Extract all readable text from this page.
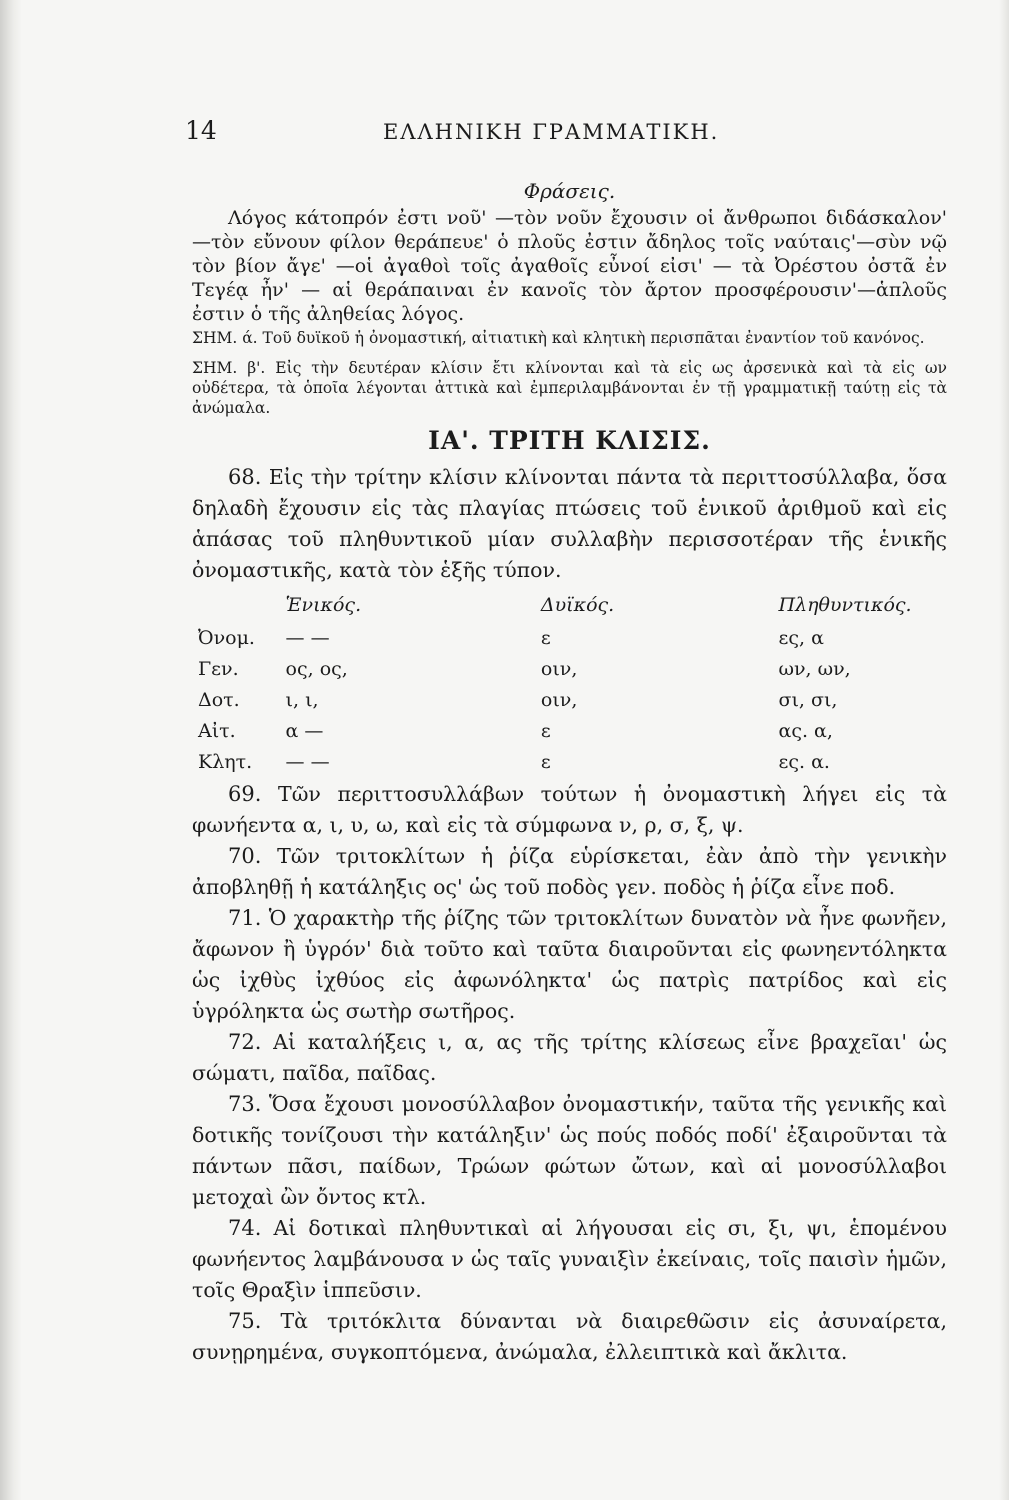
14	ΕΛΛΗΝΙΚΗ ΓΡΑΜΜΑΤΙΚΗ.

Φράσεις.

Λόγος κάτοπρόν ἐστι νοῦ' —τὸν νοῦν ἔχουσιν οἱ ἄνθρωποι διδάσκαλον' —τὸν εὔνουν φίλον θεράπευε' ὁ πλοῦς ἐστιν ἄδηλος τοῖς ναύταις'—σὺν νῷ τὸν βίον ἄγε' —οἱ ἀγαθοὶ τοῖς ἀγαθοῖς εὖνοί εἰσι' — τὰ Ὀρέστου ὀστᾶ ἐν Τεγέᾳ ἦν' — αἱ θεράπαιναι ἐν κανοῖς τὸν ἄρτον προσφέρουσιν'—ἁπλοῦς ἐστιν ὁ τῆς ἀληθείας λόγος.

ΣΗΜ. ά. Τοῦ δυϊκοῦ ἡ ὀνομαστική, αἰτιατικὴ καὶ κλητικὴ περισπᾶται ἐναντίον τοῦ κανόνος.

ΣΗΜ. β'. Εἰς τὴν δευτέραν κλίσιν ἔτι κλίνονται καὶ τὰ εἰς ως ἀρσενικὰ καὶ τὰ εἰς ων οὐδέτερα, τὰ ὁποῖα λέγονται ἀττικὰ καὶ ἐμπεριλαμβάνονται ἐν τῇ γραμματικῇ ταύτῃ εἰς τὰ ἀνώμαλα.

ΙΑ'. ΤΡΙΤΗ ΚΛΙΣΙΣ.

68. Εἰς τὴν τρίτην κλίσιν κλίνονται πάντα τὰ περιττοσύλλαβα, ὅσα δηλαδὴ ἔχουσιν εἰς τὰς πλαγίας πτώσεις τοῦ ἑνικοῦ ἀριθμοῦ καὶ εἰς ἁπάσας τοῦ πληθυντικοῦ μίαν συλλαβὴν περισσοτέραν τῆς ἑνικῆς ὀνομαστικῆς, κατὰ τὸν ἑξῆς τύπον.

	Ἑνικός.	Δυϊκός.	Πληθυντικός.
Ὀνομ.	— —	ε	ες, α
Γεν.	ος, ος,	οιν,	ων, ων,
Δοτ.	ι, ι,	οιν,	σι, σι,
Αἰτ.	α —	ε	ας. α,
Κλητ.	— —	ε	ες. α.

69. Τῶν περιττοσυλλάβων τούτων ἡ ὀνομαστικὴ λήγει εἰς τὰ φωνήεντα α, ι, υ, ω, καὶ εἰς τὰ σύμφωνα ν, ρ, σ, ξ, ψ.

70. Τῶν τριτοκλίτων ἡ ῥίζα εὑρίσκεται, ἐὰν ἀπὸ τὴν γενικὴν ἀποβληθῇ ἡ κατάληξις ος' ὡς τοῦ ποδὸς γεν. ποδὸς ἡ ῥίζα εἶνε ποδ.

71. Ὁ χαρακτὴρ τῆς ῥίζης τῶν τριτοκλίτων δυνατὸν νὰ ἦνε φωνῆεν, ἄφωνον ἢ ὑγρόν' διὰ τοῦτο καὶ ταῦτα διαιροῦνται εἰς φωνηεντόληκτα ὡς ἰχθὺς ἰχθύος εἰς ἀφωνόληκτα' ὡς πατρὶς πατρίδος καὶ εἰς ὑγρόληκτα ὡς σωτὴρ σωτῆρος.

72. Αἱ καταλήξεις ι, α, ας τῆς τρίτης κλίσεως εἶνε βραχεῖαι' ὡς σώματι, παῖδα, παῖδας.

73. Ὅσα ἔχουσι μονοσύλλαβον ὀνομαστικήν, ταῦτα τῆς γενικῆς καὶ δοτικῆς τονίζουσι τὴν κατάληξιν' ὡς πούς ποδός ποδί' ἐξαιροῦνται τὰ πάντων πᾶσι, παίδων, Τρώων φώτων ὤτων, καὶ αἱ μονοσύλλαβοι μετοχαὶ ὢν ὄντος κτλ.

74. Αἱ δοτικαὶ πληθυντικαὶ αἱ λήγουσαι εἰς σι, ξι, ψι, ἑπομένου φωνήεντος λαμβάνουσα ν ὡς ταῖς γυναιξὶν ἐκείναις, τοῖς παισὶν ἡμῶν, τοῖς Θραξὶν ἱππεῦσιν.

75. Τὰ τριτόκλιτα δύνανται νὰ διαιρεθῶσιν εἰς ἀσυναίρετα, συνῃρημένα, συγκοπτόμενα, ἀνώμαλα, ἐλλειπτικὰ καὶ ἄκλιτα.
